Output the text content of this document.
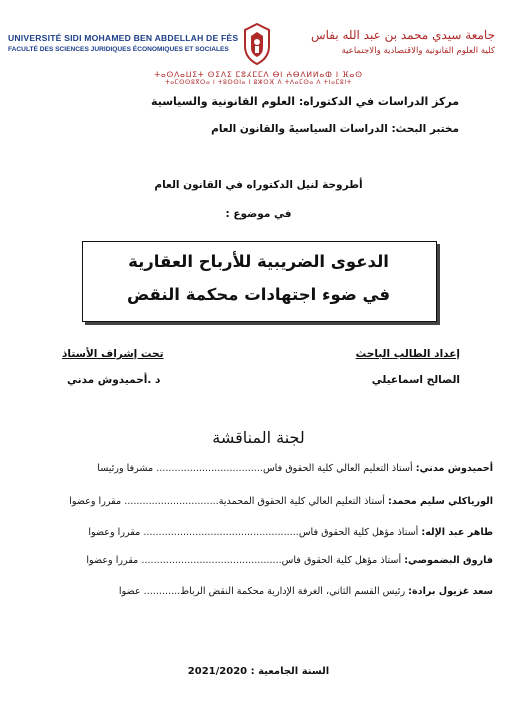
UNIVERSITÉ SIDI MOHAMED BEN ABDELLAH DE FÈS
FACULTÉ DES SCIENCES JURIDIQUES ÉCONOMIQUES ET SOCIALES
جامعة سيدي محمد بن عبد الله بفاس
كلية العلوم القانونية والاقتصادية والاجتماعية
ⵜⴰⵙⴷⴰⵡⵉⵜ ⵙⵉⴷⵉ ⵎⵓⵃⵎⵎⴷ ⴱⵏ ⵄⴱⴷⵍⵍⴰⵀ ⵏ ⴼⴰⵙ
ⵜⴰⵎⵙⵙⵓⴳⵔⴰ ⵏ ⵜⵓⵙⵙⵏⴰ ⵏ ⵓⵣⵔⴼ ⴷ ⵜⴷⴰⵎⵙⴰ ⴷ ⵜⵏⴰⵎⵓⵏⵜ
مركز الدراسات في الدكتوراه: العلوم القانونية والسياسية
مختبر البحث: الدراسات السياسيةَ والقانون العام
أطروحة لنيل الدكتوراه في القانون العام
في موضوع :
الدعوى الضريبية للأرباح العقارية
في ضوء اجتهادات محكمة النقض
تحت إشراف الأستاذ
د .أحميدوش مدني
إعداد الطالب الباحث
الصالح اسماعيلي
لجنة المناقشة
أحميدوش مدني: أستاذ التعليم العالي كلية الحقوق فاس................................... مشرفا ورئيسا
الورياكلي سليم محمد: أستاذ التعليم العالي كلية الحقوق المحمدية............................... مقررا وعضوا
طاهر عبد الإله: أستاذ مؤهل كلية الحقوق فاس................................................... مقررا وعضوا
فاروق البضموصي: أستاذ مؤهل كلية الحقوق فاس.............................................. مقررا وعضوا
سعد غزيول برادة: رئيس القسم الثاني، الغرفة الإدارية محكمة النقض الرباط............ عضوا
السنة الجامعية : 2021/2020
